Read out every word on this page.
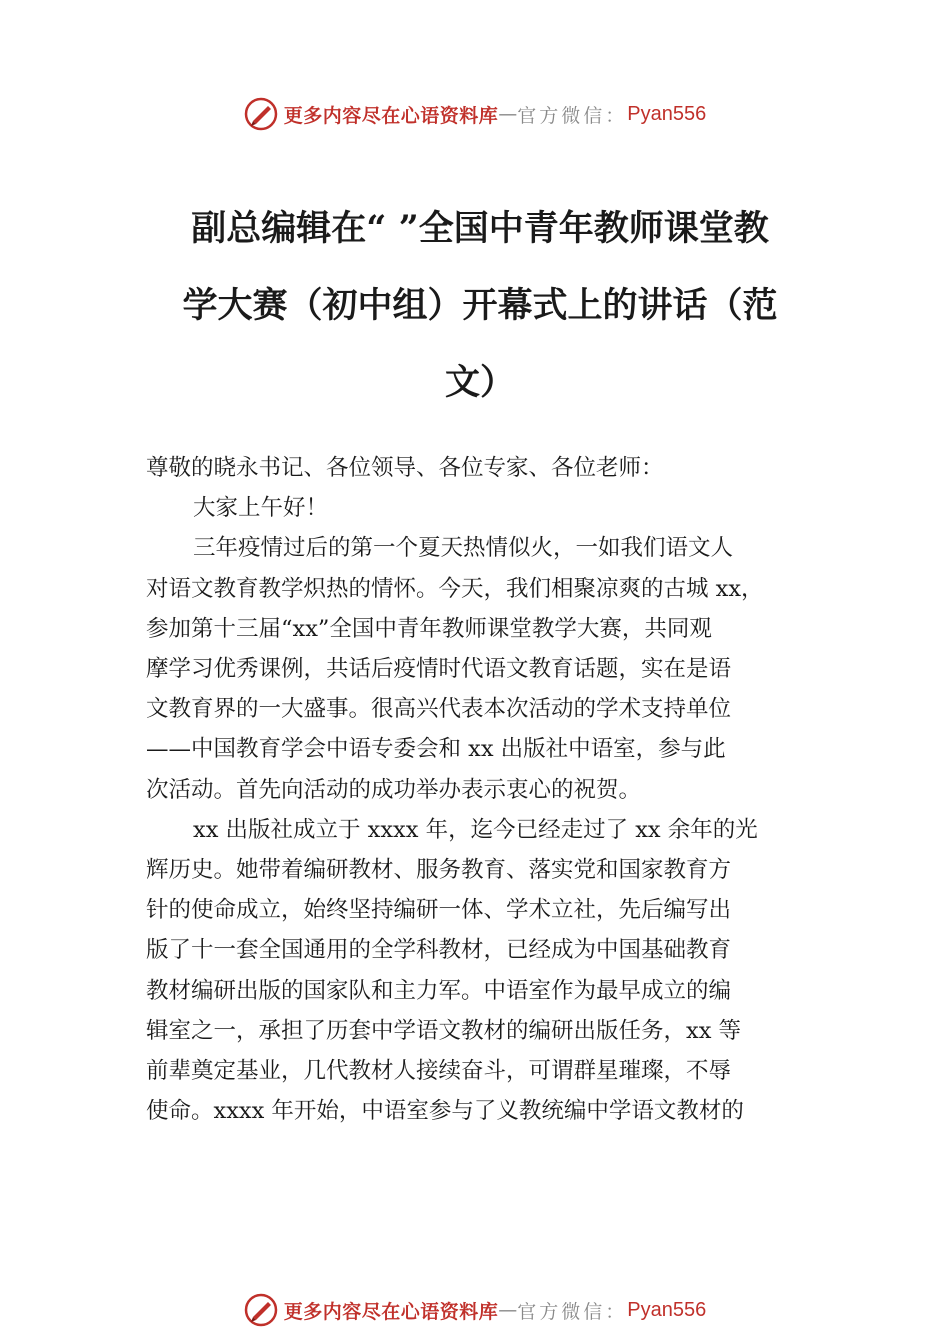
更多内容尽在心语资料库 — 官方微信： Pyan556
副总编辑在“ ”全国中青年教师课堂教
学大赛（初中组）开幕式上的讲话（范
文）

尊敬的晓永书记、各位领导、各位专家、各位老师：

大家上午好！

三年疫情过后的第一个夏天热情似火，一如我们语文人
对语文教育教学炽热的情怀。今天，我们相聚凉爽的古城 xx，
参加第十三届“xx”全国中青年教师课堂教学大赛，共同观
摩学习优秀课例，共话后疫情时代语文教育话题，实在是语
文教育界的一大盛事。很高兴代表本次活动的学术支持单位
——中国教育学会中语专委会和 xx 出版社中语室，参与此
次活动。首先向活动的成功举办表示衷心的祝贺。

xx 出版社成立于 xxxx 年，迄今已经走过了 xx 余年的光
辉历史。她带着编研教材、服务教育、落实党和国家教育方
针的使命成立，始终坚持编研一体、学术立社，先后编写出
版了十一套全国通用的全学科教材，已经成为中国基础教育
教材编研出版的国家队和主力军。中语室作为最早成立的编
辑室之一，承担了历套中学语文教材的编研出版任务，xx 等
前辈奠定基业，几代教材人接续奋斗，可谓群星璀璨，不辱
使命。xxxx 年开始，中语室参与了义教统编中学语文教材的

更多内容尽在心语资料库 — 官方微信： Pyan556
